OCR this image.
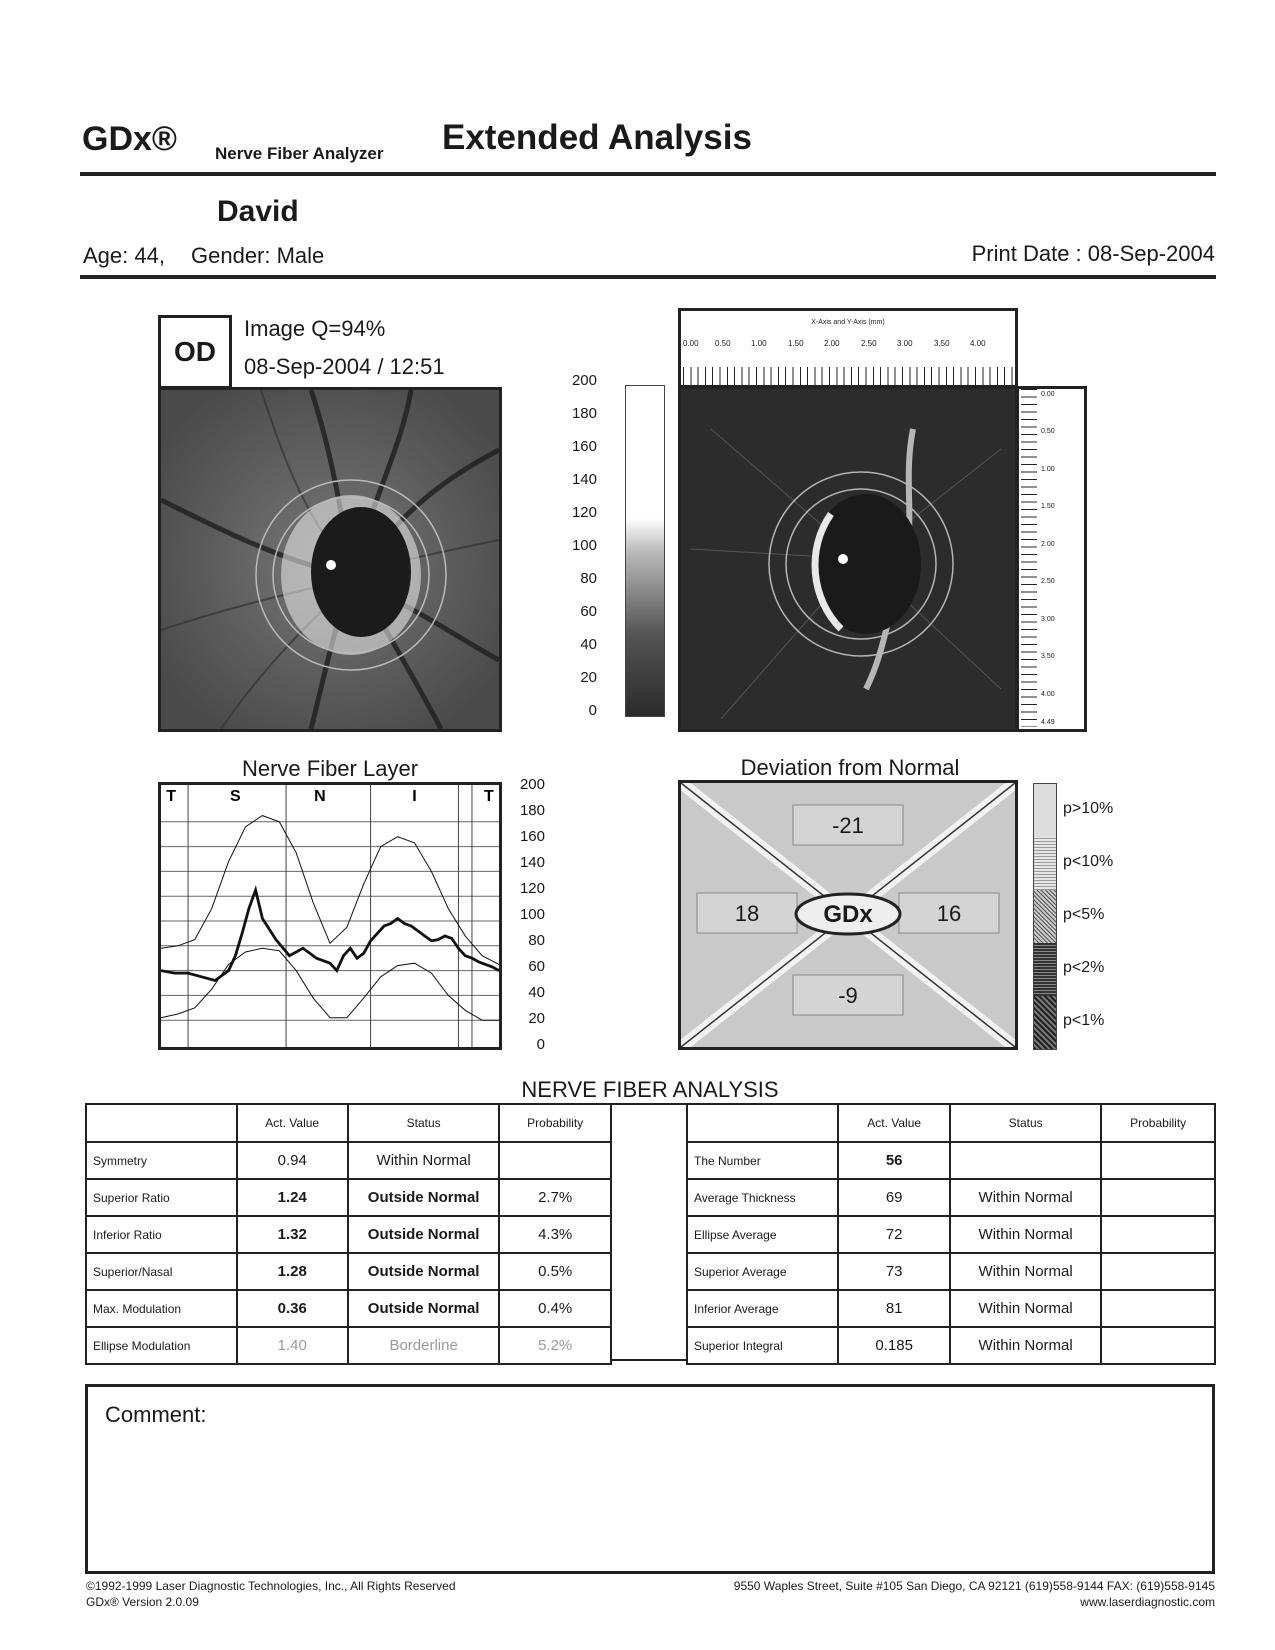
GDx® Nerve Fiber Analyzer Extended Analysis
David
Age: 44, Gender: Male	Print Date : 08-Sep-2004
OD
Image Q=94%
08-Sep-2004 / 12:51
200
180
160
140
120
100
80
60
40
20
0
X-Axis and Y-Axis (mm)
0.00 0.50	1.00	1.50	2.00	2.50	3.00	3.50	4.00
0.00
0.50
1.00
1.50
2.00
2.50
3.00
3.50
4.00
4.49
Nerve Fiber Layer
T	S	N	I	T
200
180
160
140
120
100
80
60
40
20
0
Deviation from Normal
-21
18	16
-9
GDx
p>10%
p<10%
p<5%
p<2%
p<1%
NERVE FIBER ANALYSIS
	Act. Value	Status	Probability
Symmetry	0.94	Within Normal	
Superior Ratio	1.24	Outside Normal	2.7%
Inferior Ratio	1.32	Outside Normal	4.3%
Superior/Nasal	1.28	Outside Normal	0.5%
Max. Modulation	0.36	Outside Normal	0.4%
Ellipse Modulation	1.40	Borderline	5.2%
	Act. Value	Status	Probability
The Number	56		
Average Thickness	69	Within Normal	
Ellipse Average	72	Within Normal	
Superior Average	73	Within Normal	
Inferior Average	81	Within Normal	
Superior Integral	0.185	Within Normal	
Comment:
©1992-1999 Laser Diagnostic Technologies, Inc., All Rights Reserved
GDx® Version 2.0.09
9550 Waples Street, Suite #105 San Diego, CA 92121 (619)558-9144 FAX: (619)558-9145
www.laserdiagnostic.com
